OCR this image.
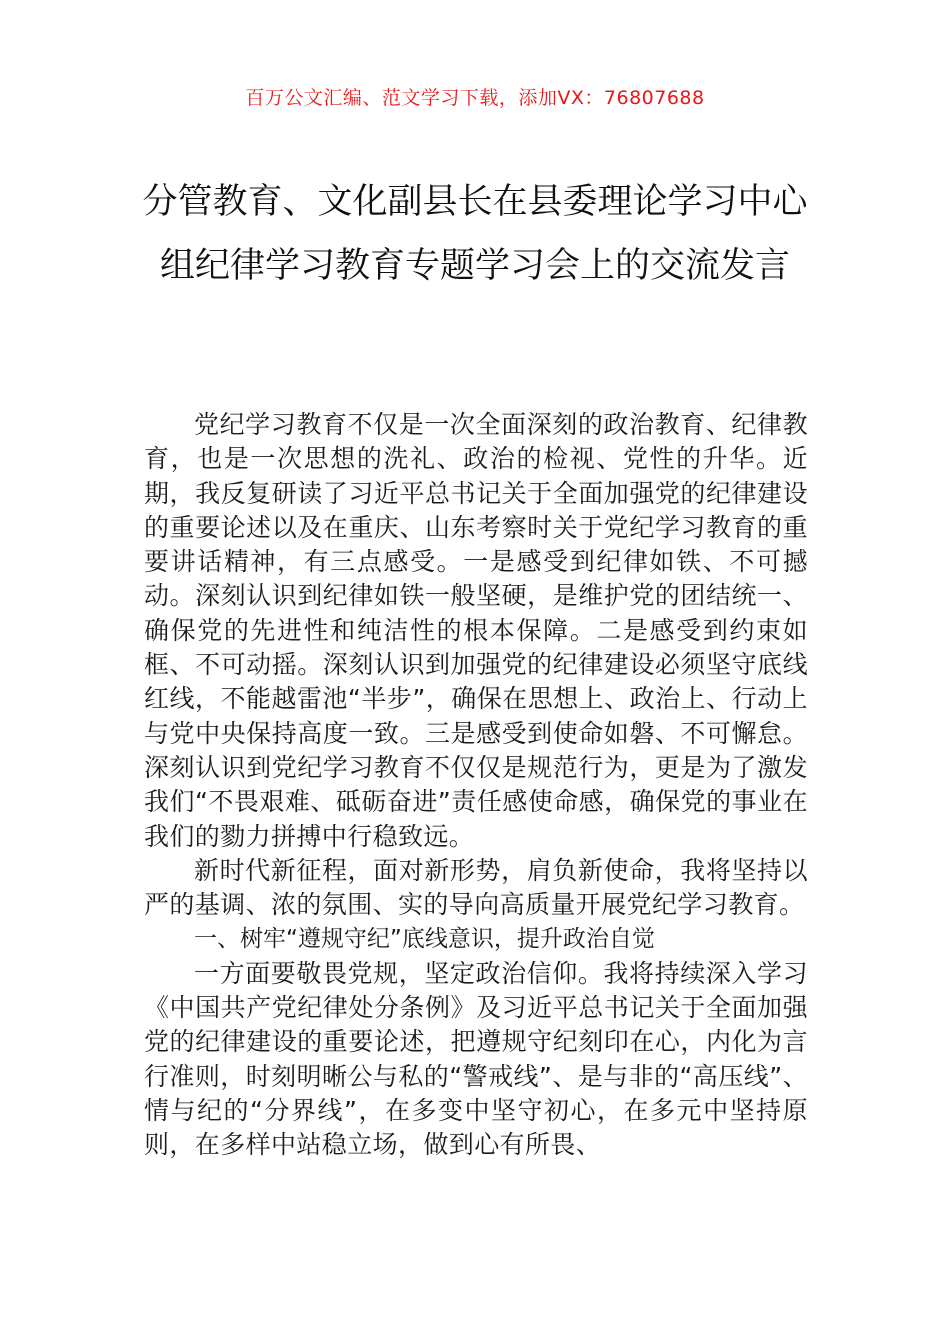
百万公文汇编、范文学习下载，添加VX：76807688
分管教育、文化副县长在县委理论学习中心组纪律学习教育专题学习会上的交流发言

党纪学习教育不仅是一次全面深刻的政治教育、纪律教育，也是一次思想的洗礼、政治的检视、党性的升华。近期，我反复研读了习近平总书记关于全面加强党的纪律建设的重要论述以及在重庆、山东考察时关于党纪学习教育的重要讲话精神，有三点感受。一是感受到纪律如铁、不可撼动。深刻认识到纪律如铁一般坚硬，是维护党的团结统一、确保党的先进性和纯洁性的根本保障。二是感受到约束如框、不可动摇。深刻认识到加强党的纪律建设必须坚守底线红线，不能越雷池“半步”，确保在思想上、政治上、行动上与党中央保持高度一致。三是感受到使命如磐、不可懈怠。深刻认识到党纪学习教育不仅仅是规范行为，更是为了激发我们“不畏艰难、砥砺奋进”责任感使命感，确保党的事业在我们的勠力拼搏中行稳致远。

新时代新征程，面对新形势，肩负新使命，我将坚持以严的基调、浓的氛围、实的导向高质量开展党纪学习教育。

一、树牢“遵规守纪”底线意识，提升政治自觉

一方面要敬畏党规，坚定政治信仰。我将持续深入学习《中国共产党纪律处分条例》及习近平总书记关于全面加强党的纪律建设的重要论述，把遵规守纪刻印在心，内化为言行准则，时刻明晰公与私的“警戒线”、是与非的“高压线”、情与纪的“分界线”，在多变中坚守初心，在多元中坚持原则，在多样中站稳立场，做到心有所畏、
